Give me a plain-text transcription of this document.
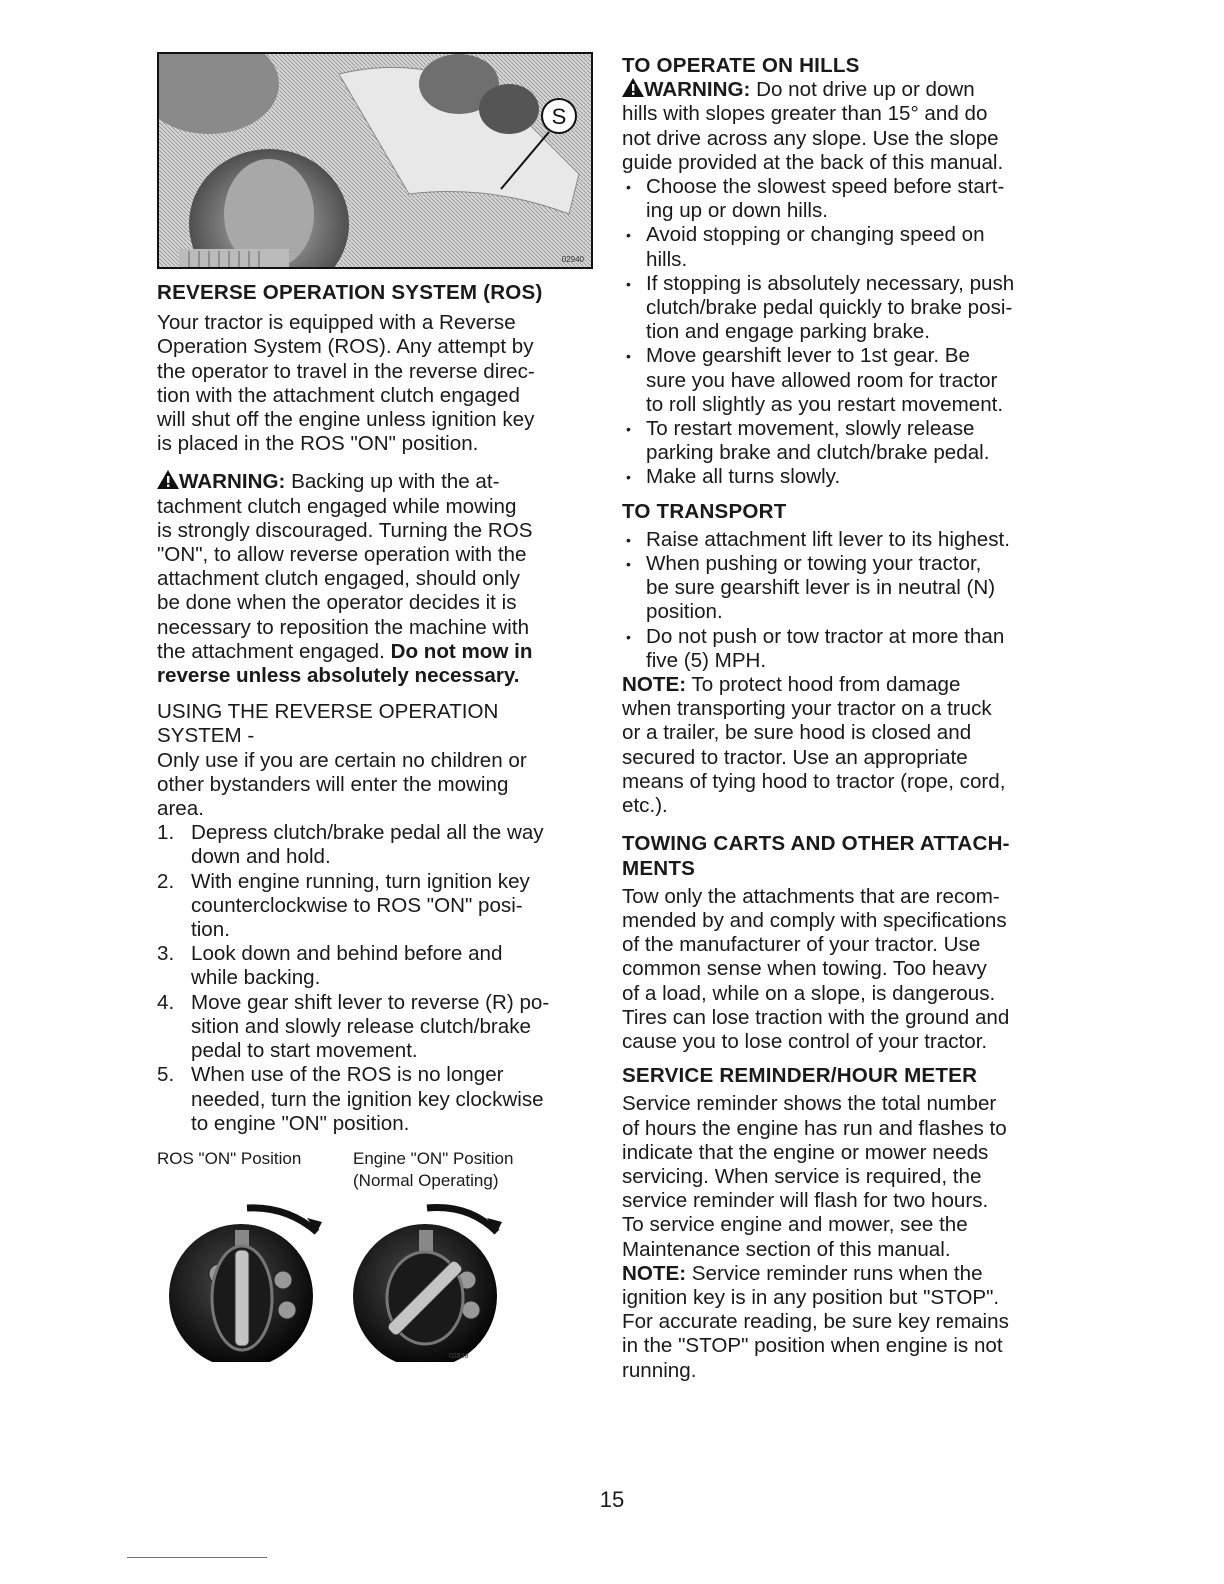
S
02940

REVERSE OPERATION SYSTEM (ROS)

Your tractor is equipped with a Reverse

Operation System (ROS). Any attempt by

the operator to travel in the reverse direc-

tion with the attachment clutch engaged

will shut off the engine unless ignition key

is placed in the ROS "ON" position.

WARNING: Backing up with the at-

tachment clutch engaged while mowing

is strongly discouraged. Turning the ROS

"ON", to allow reverse operation with the

attachment clutch engaged, should only

be done when the operator decides it is

necessary to reposition the machine with

the attachment engaged. Do not mow in

reverse unless absolutely necessary.

USING THE REVERSE OPERATION

SYSTEM -

Only use if you are certain no children or

other bystanders will enter the mowing

area.

1. Depress clutch/brake pedal all the way
down and hold.
2. With engine running, turn ignition key
counterclockwise to ROS "ON" posi-
tion.
3. Look down and behind before and
while backing.
4. Move gear shift lever to reverse (R) po-
sition and slowly release clutch/brake
pedal to start movement.
5. When use of the ROS is no longer
needed, turn the ignition key clockwise
to engine "ON" position.
ROS "ON" Position	Engine "ON" Position
(Normal Operating)
02828

TO OPERATE ON HILLS

WARNING: Do not drive up or down

hills with slopes greater than 15° and do

not drive across any slope. Use the slope

guide provided at the back of this manual.

• Choose the slowest speed before start-
ing up or down hills.
• Avoid stopping or changing speed on
hills.
• If stopping is absolutely necessary, push
clutch/brake pedal quickly to brake posi-
tion and engage parking brake.
• Move gearshift lever to 1st gear. Be
sure you have allowed room for tractor
to roll slightly as you restart movement.
• To restart movement, slowly release
parking brake and clutch/brake pedal.
• Make all turns slowly.

TO TRANSPORT

• Raise attachment lift lever to its highest.
• When pushing or towing your tractor,
be sure gearshift lever is in neutral (N)
position.
• Do not push or tow tractor at more than
five (5) MPH.

NOTE: To protect hood from damage

when transporting your tractor on a truck

or a trailer, be sure hood is closed and

secured to tractor. Use an appropriate

means of tying hood to tractor (rope, cord,

etc.).

TOWING CARTS AND OTHER ATTACH-

MENTS

Tow only the attachments that are recom-

mended by and comply with specifications

of the manufacturer of your tractor. Use

common sense when towing. Too heavy

of a load, while on a slope, is dangerous.

Tires can lose traction with the ground and

cause you to lose control of your tractor.

SERVICE REMINDER/HOUR METER

Service reminder shows the total number

of hours the engine has run and flashes to

indicate that the engine or mower needs

servicing. When service is required, the

service reminder will flash for two hours.

To service engine and mower, see the

Maintenance section of this manual.

NOTE: Service reminder runs when the

ignition key is in any position but "STOP".

For accurate reading, be sure key remains

in the "STOP" position when engine is not

running.

15
